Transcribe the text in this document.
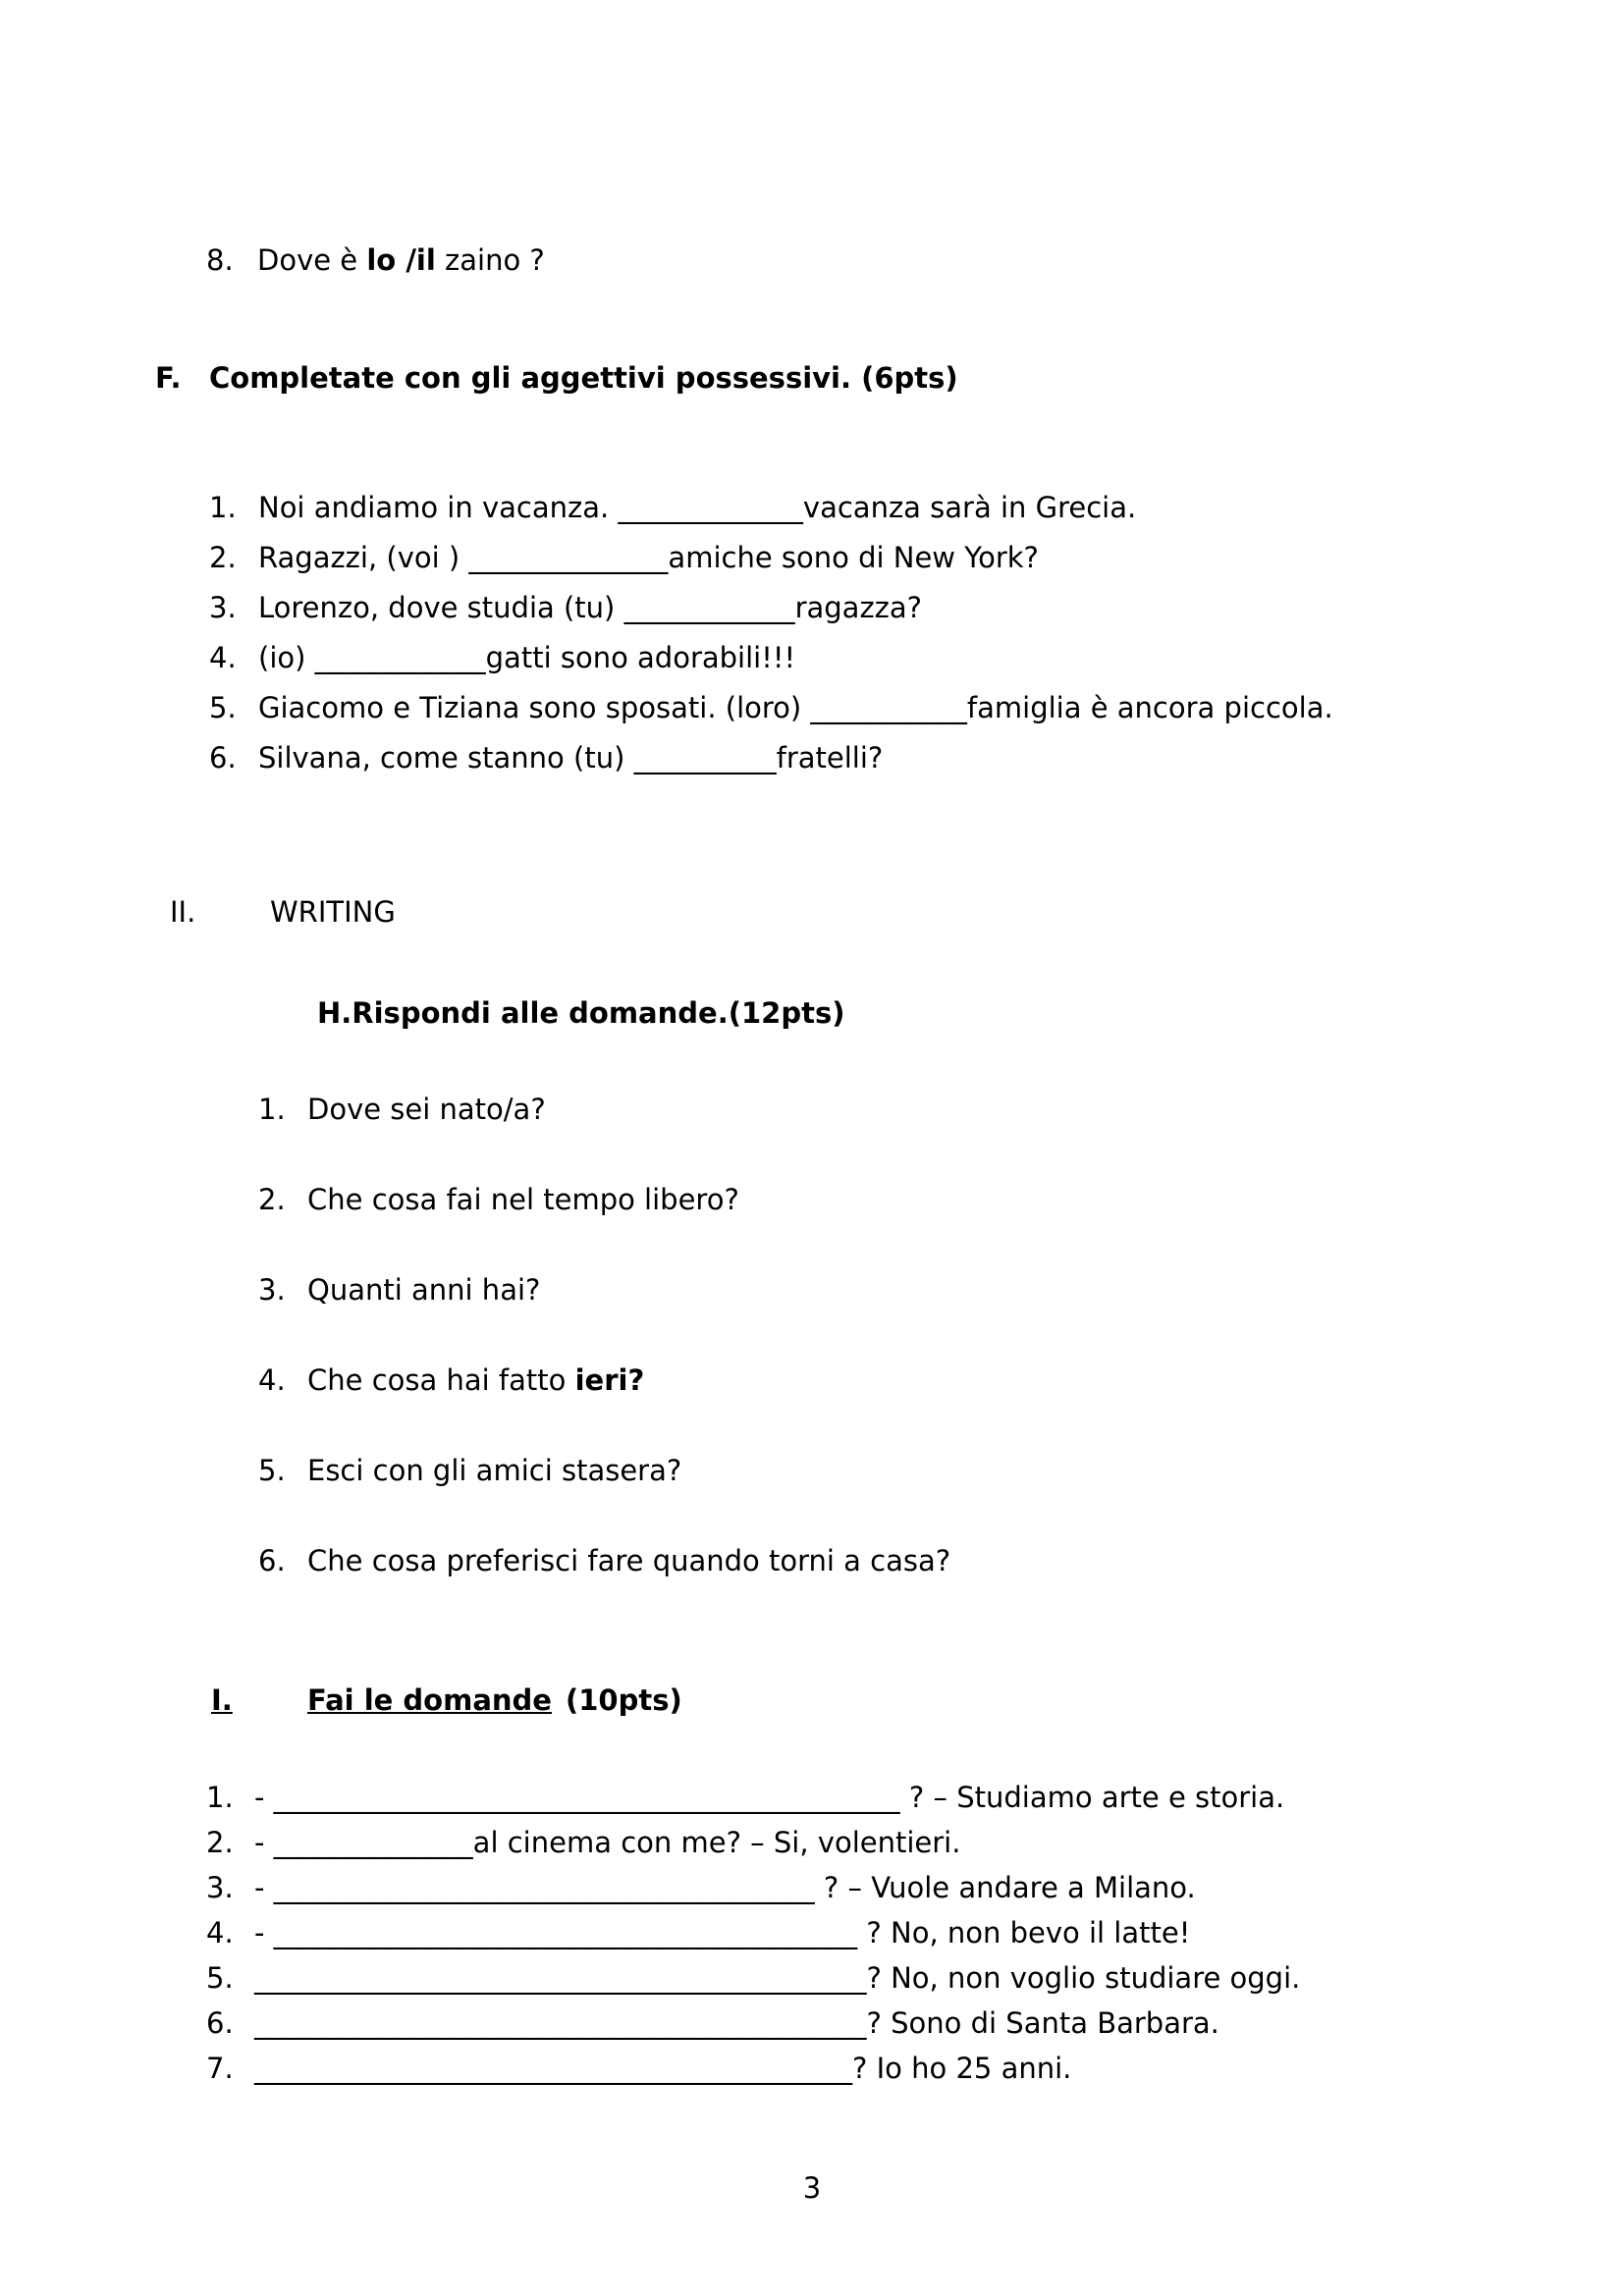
8. Dove è lo /il zaino ?
F. Completate con gli aggettivi possessivi. (6pts)
1. Noi andiamo in vacanza. _____________vacanza sarà in Grecia.
2. Ragazzi, (voi ) ______________amiche sono di New York?
3. Lorenzo, dove studia (tu) ____________ragazza?
4. (io) ____________gatti sono adorabili!!!
5. Giacomo e Tiziana sono sposati. (loro) ___________famiglia è ancora piccola.
6. Silvana, come stanno (tu) __________fratelli?
II.	WRITING
H.Rispondi alle domande.(12pts)
1. Dove sei nato/a?
2. Che cosa fai nel tempo libero?
3. Quanti anni hai?
4. Che cosa hai fatto ieri?
5. Esci con gli amici stasera?
6. Che cosa preferisci fare quando torni a casa?
I.	Fai le domande (10pts)
1. - ____________________________________________ ? – Studiamo arte e storia.
2. - ______________al cinema con me? – Si, volentieri.
3. - ______________________________________ ? – Vuole andare a Milano.
4. - _________________________________________ ? No, non bevo il latte!
5. ___________________________________________? No, non voglio studiare oggi.
6. ___________________________________________? Sono di Santa Barbara.
7. __________________________________________? Io ho 25 anni.
3
